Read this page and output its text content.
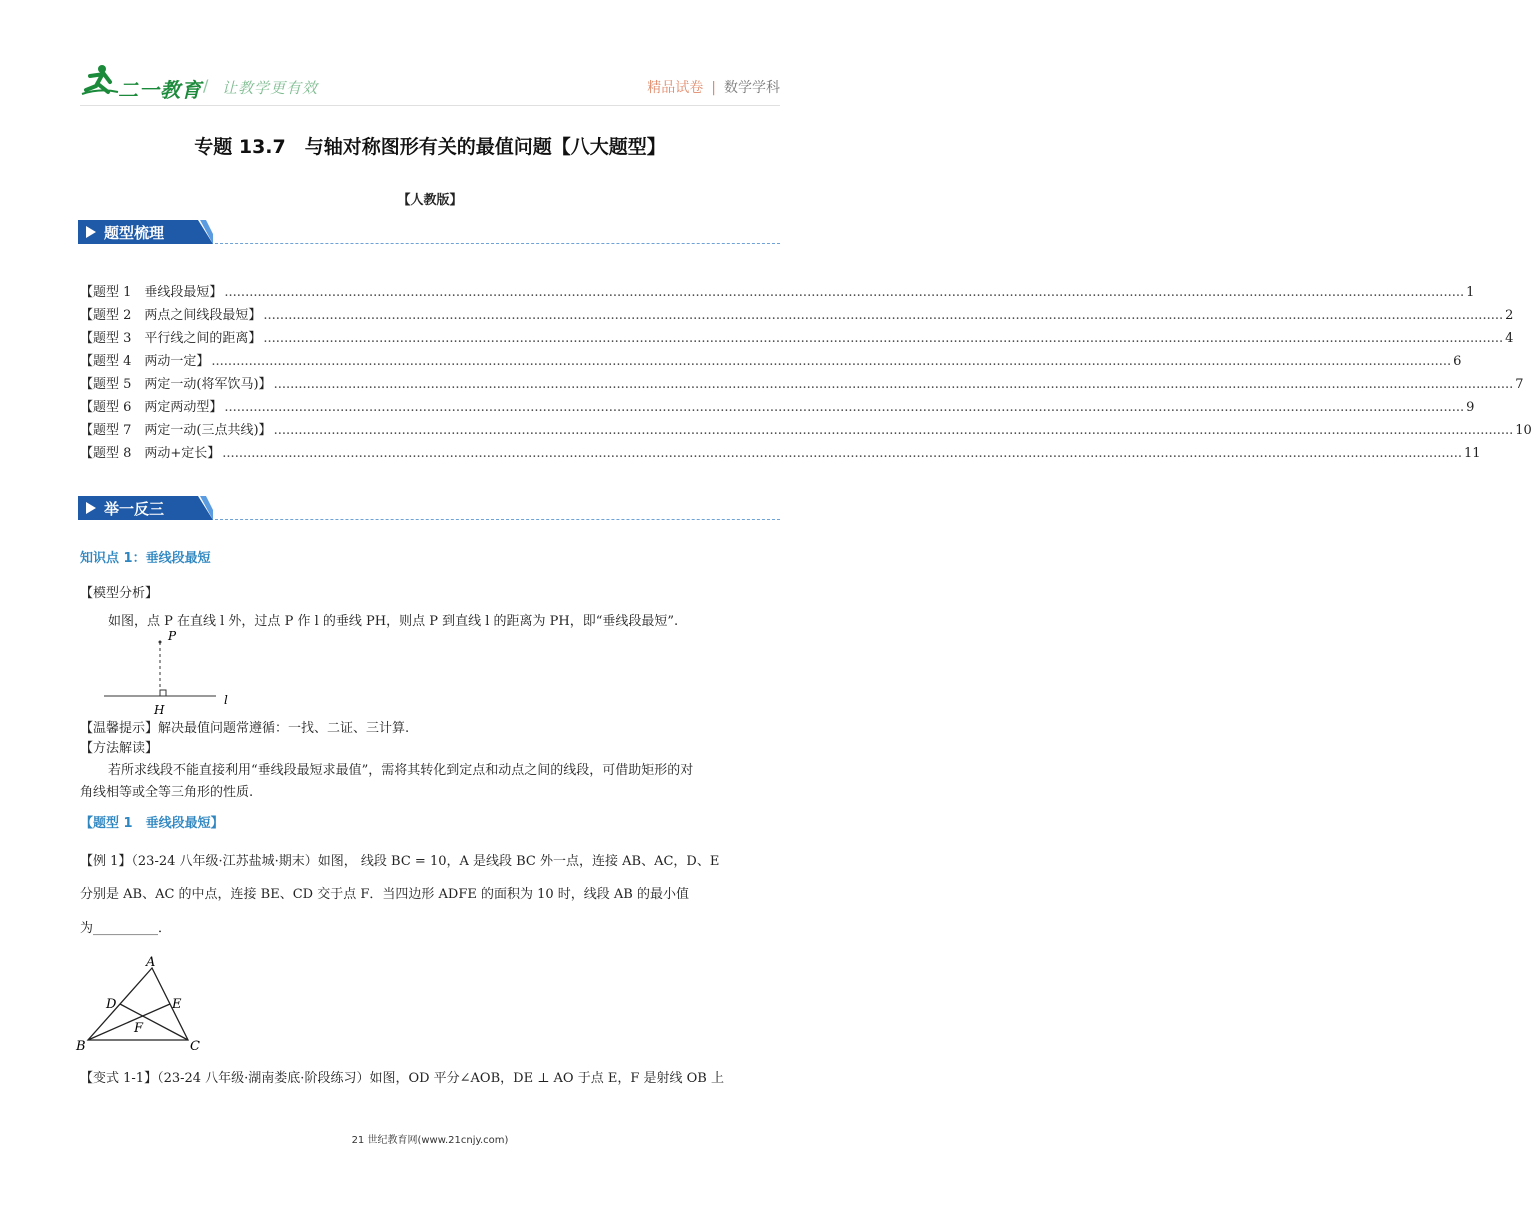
二一教育 / 让教学更有效	精品试卷 | 数学学科
专题 13.7　与轴对称图形有关的最值问题【八大题型】
【人教版】
题型梳理
【题型 1　垂线段最短】 ............................................................................................................................................................................................................................................................................................................ 1
【题型 2　两点之间线段最短】 ............................................................................................................................................................................................................................................................................................................ 2
【题型 3　平行线之间的距离】 ............................................................................................................................................................................................................................................................................................................ 4
【题型 4　两动一定】 ............................................................................................................................................................................................................................................................................................................ 6
【题型 5　两定一动(将军饮马)】 ............................................................................................................................................................................................................................................................................................................ 7
【题型 6　两定两动型】 ............................................................................................................................................................................................................................................................................................................ 9
【题型 7　两定一动(三点共线)】 ............................................................................................................................................................................................................................................................................................................ 10
【题型 8　两动+定长】 ............................................................................................................................................................................................................................................................................................................ 11
举一反三
知识点 1：垂线段最短
【模型分析】
如图，点 P 在直线 l 外，过点 P 作 l 的垂线 PH，则点 P 到直线 l 的距离为 PH，即“垂线段最短”.
P
H
l
【温馨提示】解决最值问题常遵循：一找、二证、三计算.
【方法解读】
若所求线段不能直接利用“垂线段最短求最值”，需将其转化到定点和动点之间的线段，可借助矩形的对
角线相等或全等三角形的性质.
【题型 1　垂线段最短】
【例 1】（23-24 八年级·江苏盐城·期末）如图， 线段 BC = 10，A 是线段 BC 外一点，连接 AB、AC，D、E
分别是 AB、AC 的中点，连接 BE、CD 交于点 F．当四边形 ADFE 的面积为 10 时，线段 AB 的最小值
为__________．
A
B	C
D	E
F
【变式 1-1】（23-24 八年级·湖南娄底·阶段练习）如图，OD 平分∠AOB，DE ⊥ AO 于点 E，F 是射线 OB 上
21 世纪教育网(www.21cnjy.com)
